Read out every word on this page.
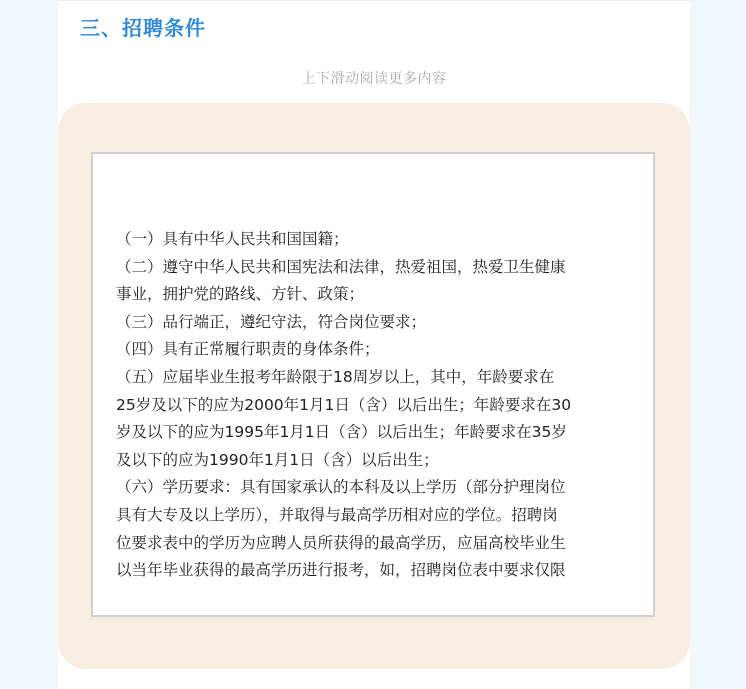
三、招聘条件
上下滑动阅读更多内容

（一）具有中华人民共和国国籍；

（二）遵守中华人民共和国宪法和法律，热爱祖国，热爱卫生健康
事业，拥护党的路线、方针、政策；

（三）品行端正，遵纪守法，符合岗位要求；

（四）具有正常履行职责的身体条件；

（五）应届毕业生报考年龄限于18周岁以上，其中，年龄要求在
25岁及以下的应为2000年1月1日（含）以后出生；年龄要求在30
岁及以下的应为1995年1月1日（含）以后出生；年龄要求在35岁
及以下的应为1990年1月1日（含）以后出生；

（六）学历要求：具有国家承认的本科及以上学历（部分护理岗位
具有大专及以上学历），并取得与最高学历相对应的学位。招聘岗
位要求表中的学历为应聘人员所获得的最高学历，应届高校毕业生
以当年毕业获得的最高学历进行报考，如，招聘岗位表中要求仅限
